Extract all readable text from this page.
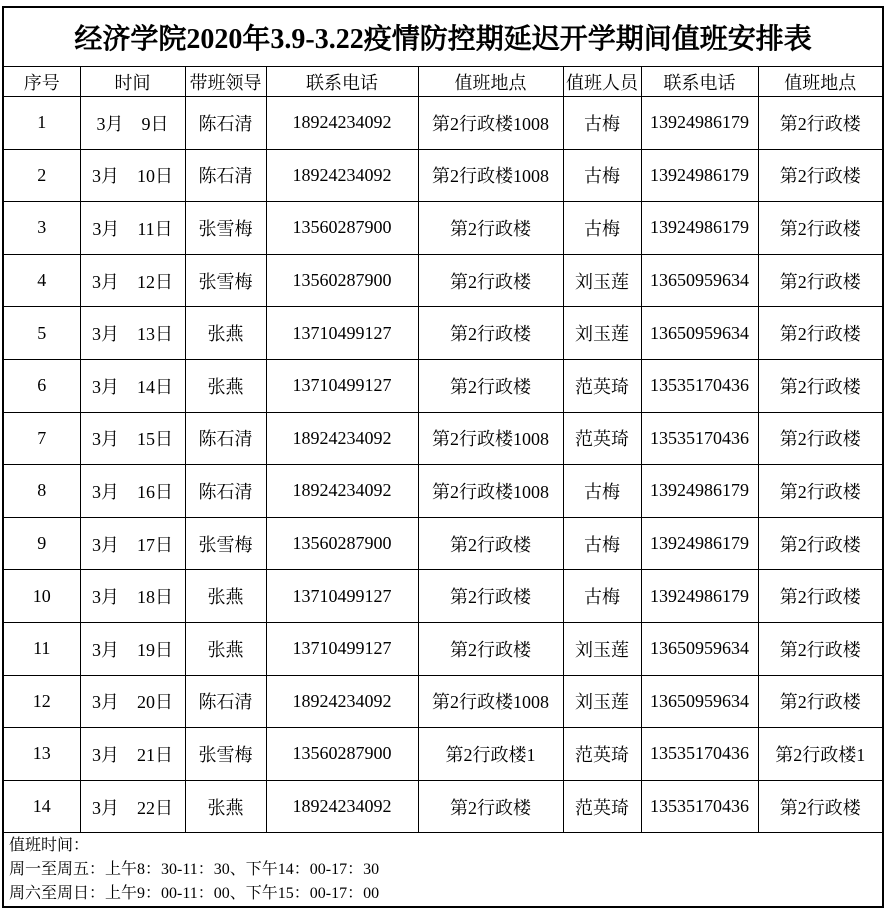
经济学院2020年3.9-3.22疫情防控期延迟开学期间值班安排表							
序号	时间	带班领导	联系电话	值班地点	值班人员	联系电话	值班地点
1	3月　9日	陈石清	18924234092	第2行政楼1008	古梅	13924986179	第2行政楼
2	3月　10日	陈石清	18924234092	第2行政楼1008	古梅	13924986179	第2行政楼
3	3月　11日	张雪梅	13560287900	第2行政楼	古梅	13924986179	第2行政楼
4	3月　12日	张雪梅	13560287900	第2行政楼	刘玉莲	13650959634	第2行政楼
5	3月　13日	张燕	13710499127	第2行政楼	刘玉莲	13650959634	第2行政楼
6	3月　14日	张燕	13710499127	第2行政楼	范英琦	13535170436	第2行政楼
7	3月　15日	陈石清	18924234092	第2行政楼1008	范英琦	13535170436	第2行政楼
8	3月　16日	陈石清	18924234092	第2行政楼1008	古梅	13924986179	第2行政楼
9	3月　17日	张雪梅	13560287900	第2行政楼	古梅	13924986179	第2行政楼
10	3月　18日	张燕	13710499127	第2行政楼	古梅	13924986179	第2行政楼
11	3月　19日	张燕	13710499127	第2行政楼	刘玉莲	13650959634	第2行政楼
12	3月　20日	陈石清	18924234092	第2行政楼1008	刘玉莲	13650959634	第2行政楼
13	3月　21日	张雪梅	13560287900	第2行政楼1	范英琦	13535170436	第2行政楼1
14	3月　22日	张燕	18924234092	第2行政楼	范英琦	13535170436	第2行政楼

值班时间：
周一至周五：上午8：30-11：30、下午14：00-17：30
周六至周日：上午9：00-11：00、下午15：00-17：00							
